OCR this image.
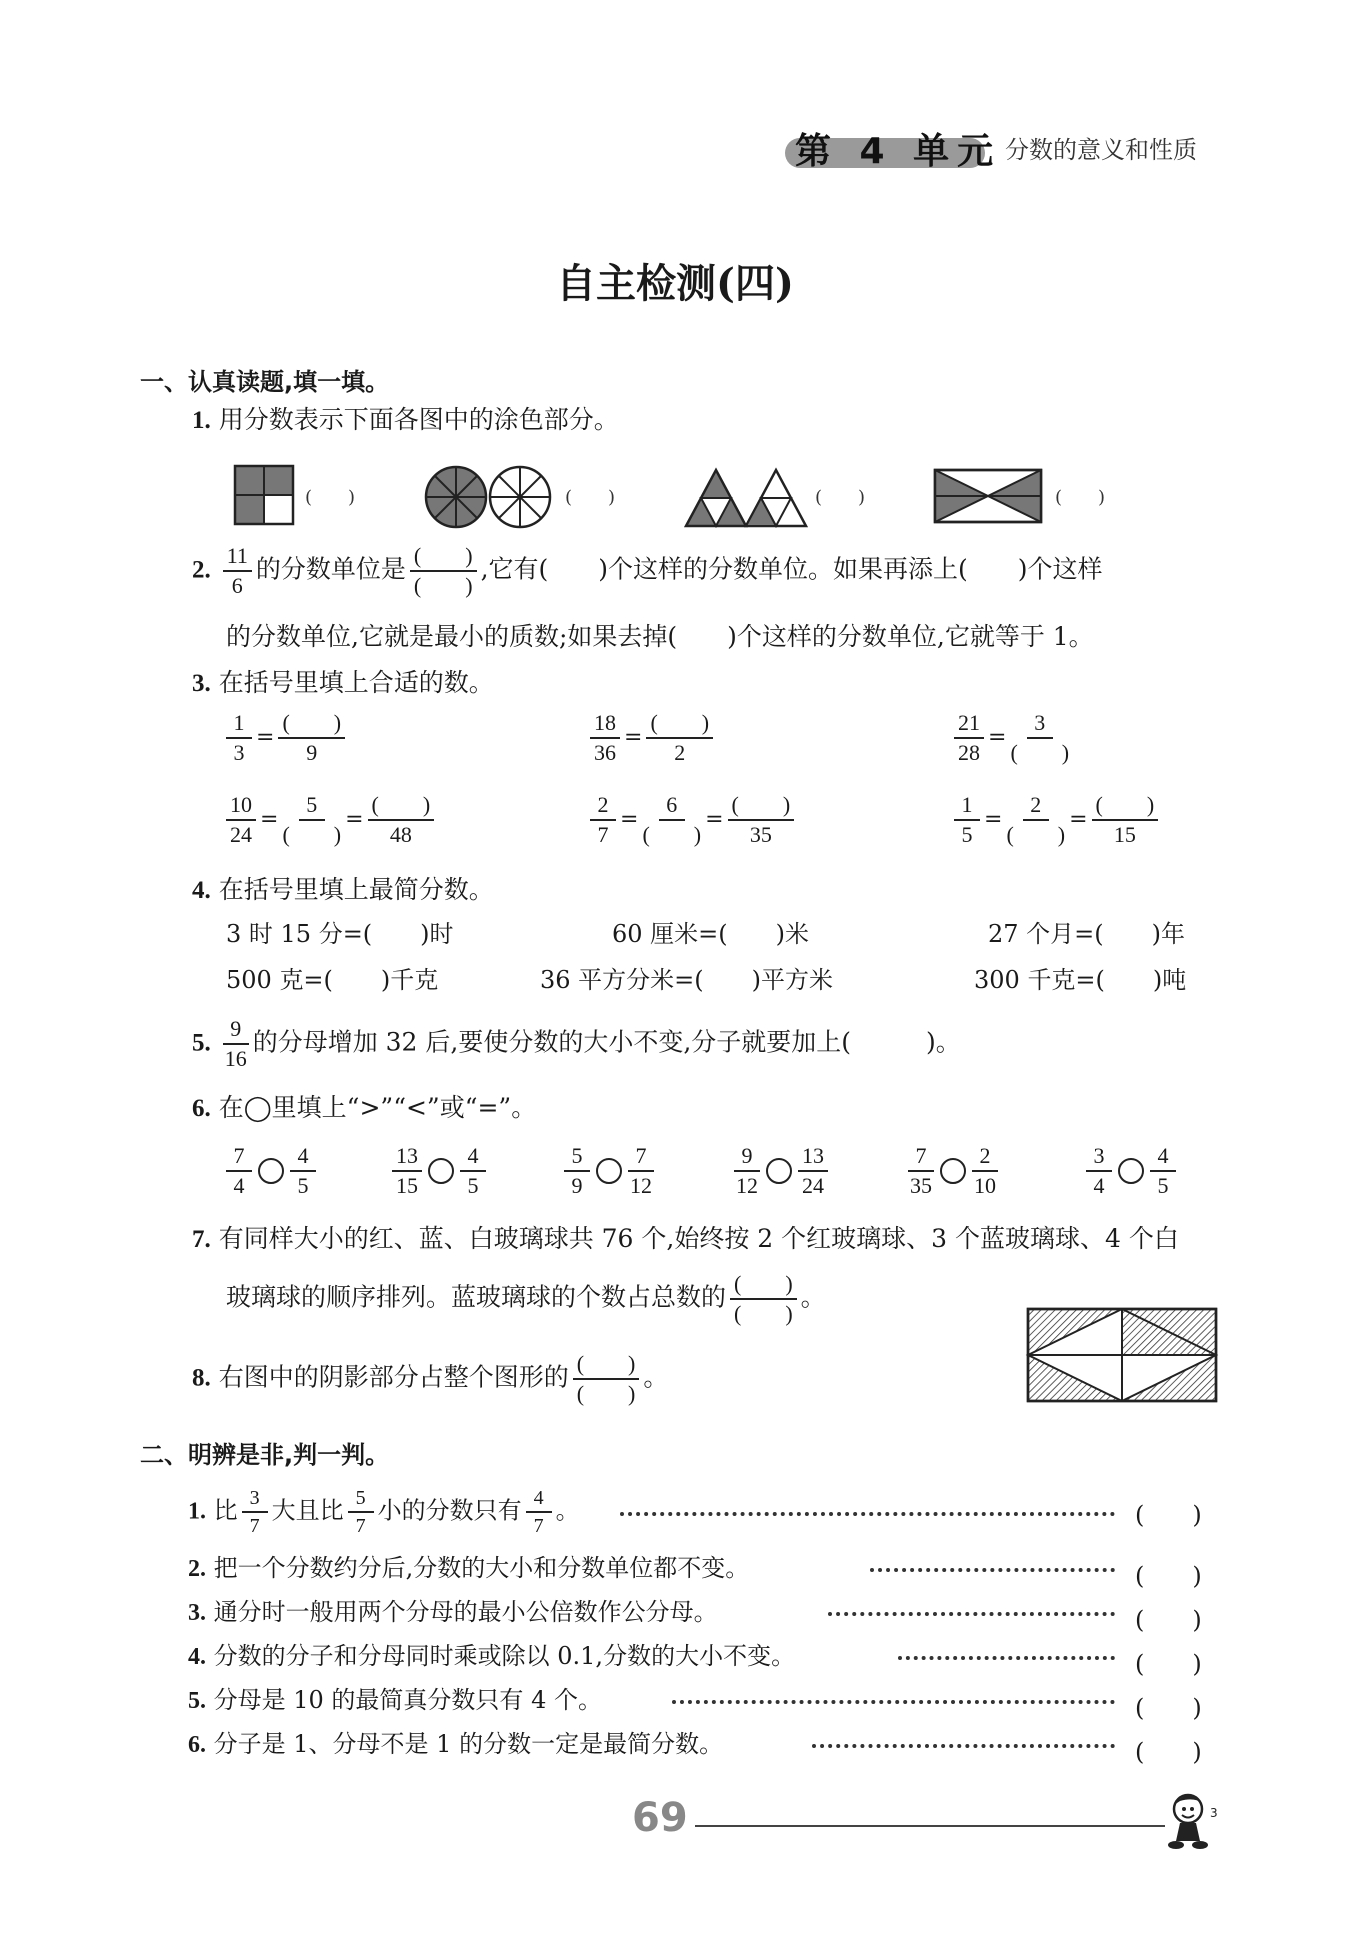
第 4 单元 分数的意义和性质
自主检测(四)
一、认真读题,填一填。
1. 用分数表示下面各图中的涂色部分。
(　　)	(　　)	(　　)	(　　)
2. $\frac{11}{6}$ 的分数单位是 $\frac{( )}{( )}$ ,它有(　　)个这样的分数单位。如果再添上(　　)个这样
的分数单位,它就是最小的质数;如果去掉(　　)个这样的分数单位,它就等于 1。
3. 在括号里填上合适的数。
$\frac{1}{3} = \frac{( )}{9}$	$\frac{18}{36} = \frac{( )}{2}$	$\frac{21}{28} = \frac{3}{( )}$
$\frac{10}{24} = \frac{5}{( )} = \frac{( )}{48}$	$\frac{2}{7} = \frac{6}{( )} = \frac{( )}{35}$	$\frac{1}{5} = \frac{2}{( )} = \frac{( )}{15}$
4. 在括号里填上最简分数。
3 时 15 分=(　　)时	60 厘米=(　　)米	27 个月=(　　)年
500 克=(　　)千克	36 平方分米=(　　)平方米	300 千克=(　　)吨
5. $\frac{9}{16}$ 的分母增加 32 后,要使分数的大小不变,分子就要加上(　　　)。
6. 在◯里填上“>”“<”或“=”。
$\frac{7}{4} \frac{4}{5}$	$\frac{13}{15} \frac{4}{5}$	$\frac{5}{9} \frac{7}{12}$	$\frac{9}{12} \frac{13}{24}$	$\frac{7}{35} \frac{2}{10}$	$\frac{3}{4} \frac{4}{5}$
7. 有同样大小的红、蓝、白玻璃球共 76 个,始终按 2 个红玻璃球、3 个蓝玻璃球、4 个白
玻璃球的顺序排列。蓝玻璃球的个数占总数的 $\frac{( )}{( )}$ 。
8. 右图中的阴影部分占整个图形的 $\frac{( )}{( )}$ 。
二、明辨是非,判一判。
1. 比 $\frac{3}{7}$ 大且比 $\frac{5}{7}$ 小的分数只有 $\frac{4}{7}$ 。	(　　)
2. 把一个分数约分后,分数的大小和分数单位都不变。	(　　)
3. 通分时一般用两个分母的最小公倍数作公分母。	(　　)
4. 分数的分子和分母同时乘或除以 0.1,分数的大小不变。	(　　)
5. 分母是 10 的最简真分数只有 4 个。	(　　)
6. 分子是 1、分母不是 1 的分数一定是最简分数。	(　　)
69	3
